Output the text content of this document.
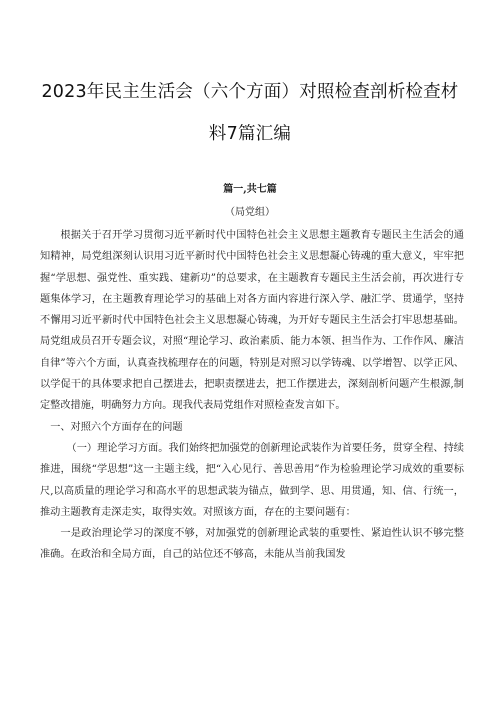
2023年民主生活会（六个方面）对照检查剖析检查材
料7篇汇编
篇一,共七篇
（局党组）

根据关于召开学习贯彻习近平新时代中国特色社会主义思想主题教育专题民主生活会的通知精神，局党组深刻认识用习近平新时代中国特色社会主义思想凝心铸魂的重大意义，牢牢把握“学思想、强党性、重实践、建新功”的总要求，在主题教育专题民主生活会前，再次进行专题集体学习，在主题教育理论学习的基础上对各方面内容进行深入学、融汇学、贯通学，坚持不懈用习近平新时代中国特色社会主义思想凝心铸魂，为开好专题民主生活会打牢思想基础。局党组成员召开专题会议，对照“理论学习、政治素质、能力本领、担当作为、工作作风、廉洁自律”等六个方面，认真查找梳理存在的问题，特别是对照习以学铸魂、以学增智、以学正风、以学促干的具体要求把自己摆进去，把职责摆进去，把工作摆进去，深刻剖析问题产生根源,制定整改措施，明确努力方向。现我代表局党组作对照检查发言如下。

一、对照六个方面存在的问题

（一）理论学习方面。我们始终把加强党的创新理论武装作为首要任务，贯穿全程、持续推进，围绕“学思想”这一主题主线，把“入心见行、善思善用”作为检验理论学习成效的重要标尺,以高质量的理论学习和高水平的思想武装为锚点，做到学、思、用贯通，知、信、行统一，推动主题教育走深走实，取得实效。对照该方面，存在的主要问题有：

一是政治理论学习的深度不够，对加强党的创新理论武装的重要性、紧迫性认识不够完整准确。在政治和全局方面，自己的站位还不够高，未能从当前我国发
